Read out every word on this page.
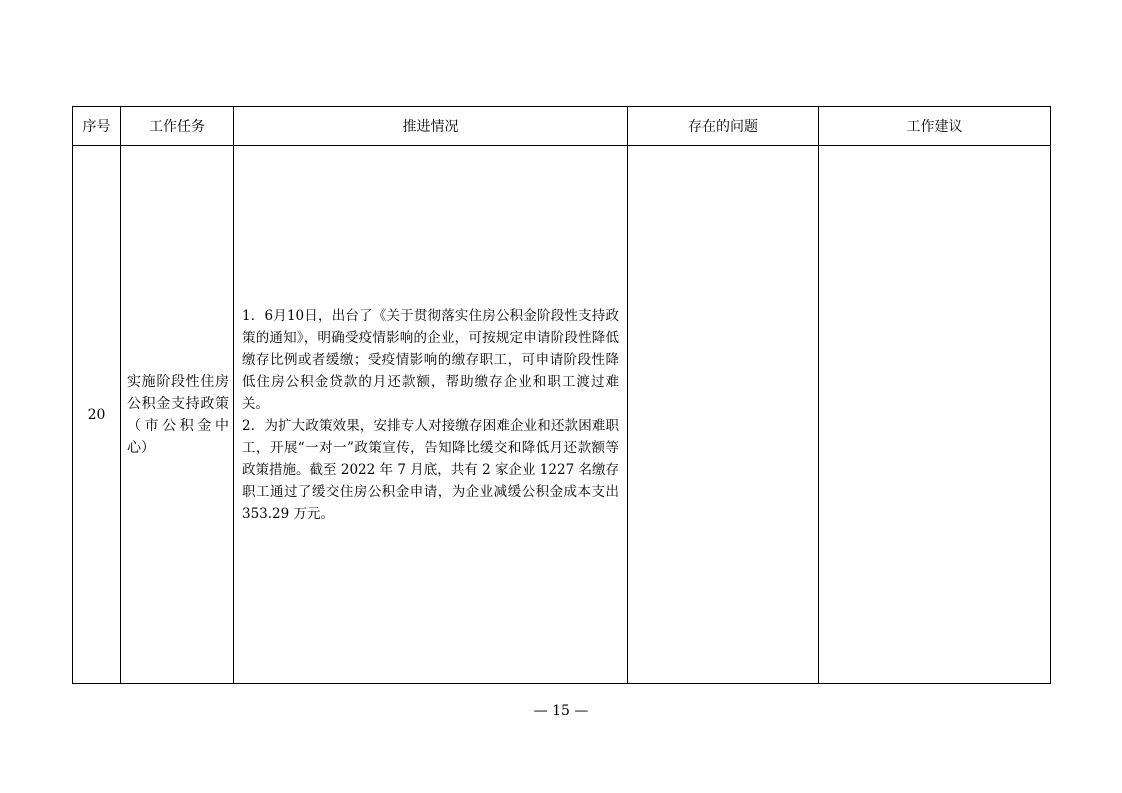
序号	工作任务	推进情况	存在的问题	工作建议
20	实施阶段性住房公积金支持政策（市公积金中心）	1．6月10日，出台了《关于贯彻落实住房公积金阶段性支持政策的通知》，明确受疫情影响的企业，可按规定申请阶段性降低缴存比例或者缓缴；受疫情影响的缴存职工，可申请阶段性降低住房公积金贷款的月还款额，帮助缴存企业和职工渡过难关。

2．为扩大政策效果，安排专人对接缴存困难企业和还款困难职工，开展“一对一”政策宣传，告知降比缓交和降低月还款额等政策措施。截至 2022 年 7 月底，共有 2 家企业 1227 名缴存职工通过了缓交住房公积金申请，为企业减缓公积金成本支出 353.29 万元。		

— 15 —
